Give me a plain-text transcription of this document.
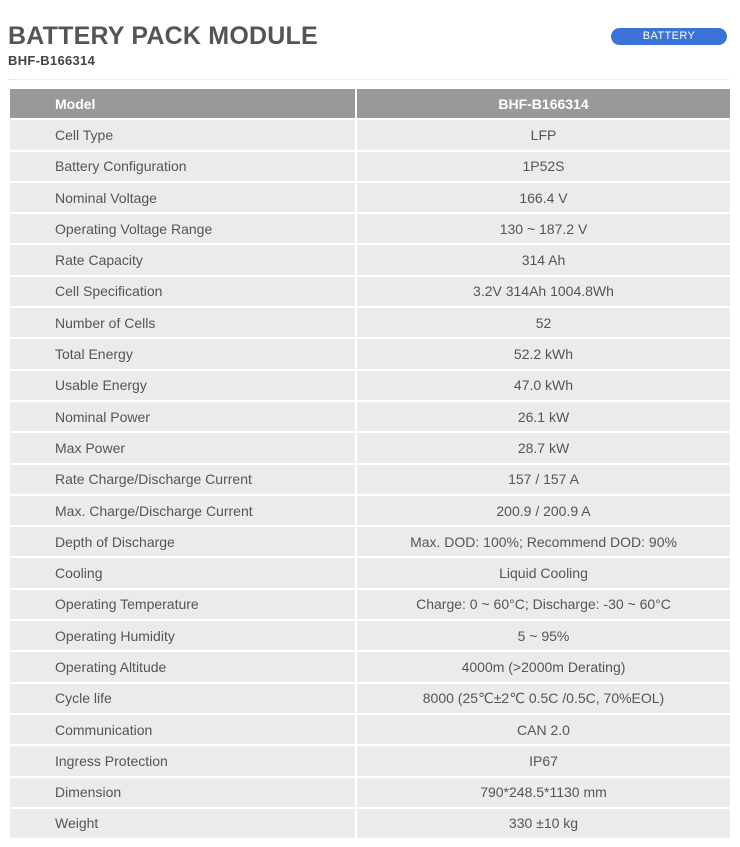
BATTERY PACK MODULE
BHF-B166314
BATTERY
Model	BHF-B166314
Cell Type	LFP
Battery Configuration	1P52S
Nominal Voltage	166.4 V
Operating Voltage Range	130 ~ 187.2 V
Rate Capacity	314 Ah
Cell Specification	3.2V 314Ah 1004.8Wh
Number of Cells	52
Total Energy	52.2 kWh
Usable Energy	47.0 kWh
Nominal Power	26.1 kW
Max Power	28.7 kW
Rate Charge/Discharge Current	157 / 157 A
Max. Charge/Discharge Current	200.9 / 200.9 A
Depth of Discharge	Max. DOD: 100%; Recommend DOD: 90%
Cooling	Liquid Cooling
Operating Temperature	Charge: 0 ~ 60°C; Discharge: -30 ~ 60°C
Operating Humidity	5 ~ 95%
Operating Altitude	4000m (>2000m Derating)
Cycle life	8000 (25℃±2℃ 0.5C /0.5C, 70%EOL)
Communication	CAN 2.0
Ingress Protection	IP67
Dimension	790*248.5*1130 mm
Weight	330 ±10 kg
